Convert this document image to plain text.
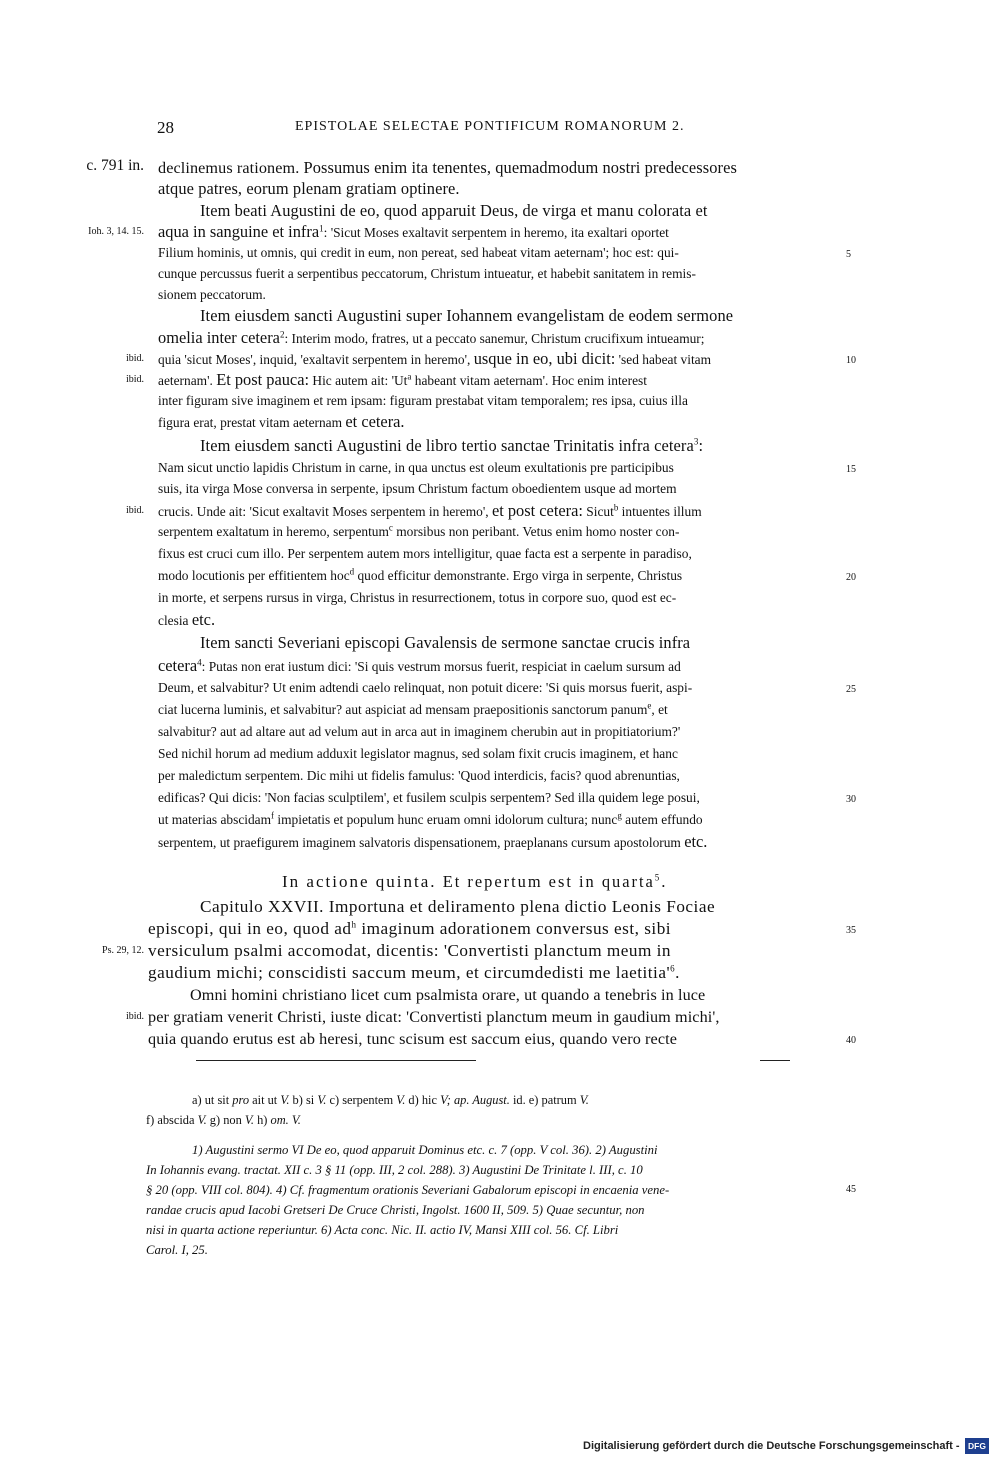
28	EPISTOLAE SELECTAE PONTIFICUM ROMANORUM 2.
declinemus rationem. Possumus enim ita tenentes, quemadmodum nostri predecessores
atque patres, eorum plenam gratiam optinere.
Item beati Augustini de eo, quod apparuit Deus, de virga et manu colorata et
aqua in sanguine et infra$^1$: 'Sicut Moses exaltavit serpentem in heremo, ita exaltari oportet
Filium hominis, ut omnis, qui credit in eum, non pereat, sed habeat vitam aeternam'; hoc est: qui-
cunque percussus fuerit a serpentibus peccatorum, Christum intueatur, et habebit sanitatem in remis-
sionem peccatorum.
Item eiusdem sancti Augustini super Iohannem evangelistam de eodem sermone
omelia inter cetera$^2$: Interim modo, fratres, ut a peccato sanemur, Christum crucifixum intueamur;
quia 'sicut Moses', inquid, 'exaltavit serpentem in heremo', usque in eo, ubi dicit: 'sed habeat vitam
aeternam'. Et post pauca: Hic autem ait: 'Ut$^a$ habeant vitam aeternam'. Hoc enim interest
inter figuram sive imaginem et rem ipsam: figuram prestabat vitam temporalem; res ipsa, cuius illa
figura erat, prestat vitam aeternam et cetera.
Item eiusdem sancti Augustini de libro tertio sanctae Trinitatis infra cetera$^3$:
Nam sicut unctio lapidis Christum in carne, in qua unctus est oleum exultationis pre participibus
suis, ita virga Mose conversa in serpente, ipsum Christum factum oboedientem usque ad mortem
crucis. Unde ait: 'Sicut exaltavit Moses serpentem in heremo', et post cetera: Sicut$^b$ intuentes illum
serpentem exaltatum in heremo, serpentum$^c$ morsibus non peribant. Vetus enim homo noster con-
fixus est cruci cum illo. Per serpentem autem mors intelligitur, quae facta est a serpente in paradiso,
modo locutionis per effitientem hoc$^d$ quod efficitur demonstrante. Ergo virga in serpente, Christus
in morte, et serpens rursus in virga, Christus in resurrectionem, totus in corpore suo, quod est ec-
clesia etc.
Item sancti Severiani episcopi Gavalensis de sermone sanctae crucis infra
cetera$^4$: Putas non erat iustum dici: 'Si quis vestrum morsus fuerit, respiciat in caelum sursum ad
Deum, et salvabitur? Ut enim adtendi caelo relinquat, non potuit dicere: 'Si quis morsus fuerit, aspi-
ciat lucerna luminis, et salvabitur? aut aspiciat ad mensam praepositionis sanctorum panum$^e$, et
salvabitur? aut ad altare aut ad velum aut in arca aut in imaginem cherubin aut in propitiatorium?'
Sed nichil horum ad medium adduxit legislator magnus, sed solam fixit crucis imaginem, et hanc
per maledictum serpentem. Dic mihi ut fidelis famulus: 'Quod interdicis, facis? quod abrenuntias,
edificas? Qui dicis: 'Non facias sculptilem', et fusilem sculpis serpentem? Sed illa quidem lege posui,
ut materias abscidam$^f$ impietatis et populum hunc eruam omni idolorum cultura; nunc$^g$ autem effundo
serpentem, ut praefigurem imaginem salvatoris dispensationem, praeplanans cursum apostolorum etc.
In actione quinta. Et repertum est in quarta$^5$.
Capitulo XXVII. Importuna et deliramento plena dictio Leonis Fociae
episcopi, qui in eo, quod $ad^h$ imaginum adorationem conversus est, sibi
versiculum psalmi accomodat, dicentis: 'Convertisti planctum meum in
gaudium michi; conscidisti saccum meum, et circumdedisti me $laetitia'^6$.
Omni homini christiano licet cum psalmista orare, ut quando a tenebris in luce
per gratiam venerit Christi, iuste dicat: 'Convertisti planctum meum in gaudium michi',
quia quando erutus est ab heresi, tunc scisum est saccum eius, quando vero recte
a) ut sit pro ait ut V. b) si V. c) serpentem V. d) hic V; ap. August. id. e) patrum V.
f) abscida V. g) non V. h) om. V.
1) Augustini sermo VI De eo, quod apparuit Dominus etc. c. 7 (opp. V col. 36). 2) Augustini
In Iohannis evang. tractat. XII c. 3 § 11 (opp. III, 2 col. 288). 3) Augustini De Trinitate l. III, c. 10
§ 20 (opp. VIII col. 804). 4) Cf. fragmentum orationis Severiani Gabalorum episcopi in encaenia vene-
randae crucis apud Iacobi Gretseri De Cruce Christi, Ingolst. 1600 II, 509. 5) Quae secuntur, non
nisi in quarta actione reperiuntur. 6) Acta conc. Nic. II. actio IV, Mansi XIII col. 56. Cf. Libri
Carol. I, 25.
c. 791 in.
Ioh. 3, 14. 15.
ibid.
ibid.
ibid.
Ps. 29, 12.
ibid.
5
10
15
20
25
30
35
40
45
Digitalisierung gefördert durch die Deutsche Forschungsgemeinschaft -	DFG
